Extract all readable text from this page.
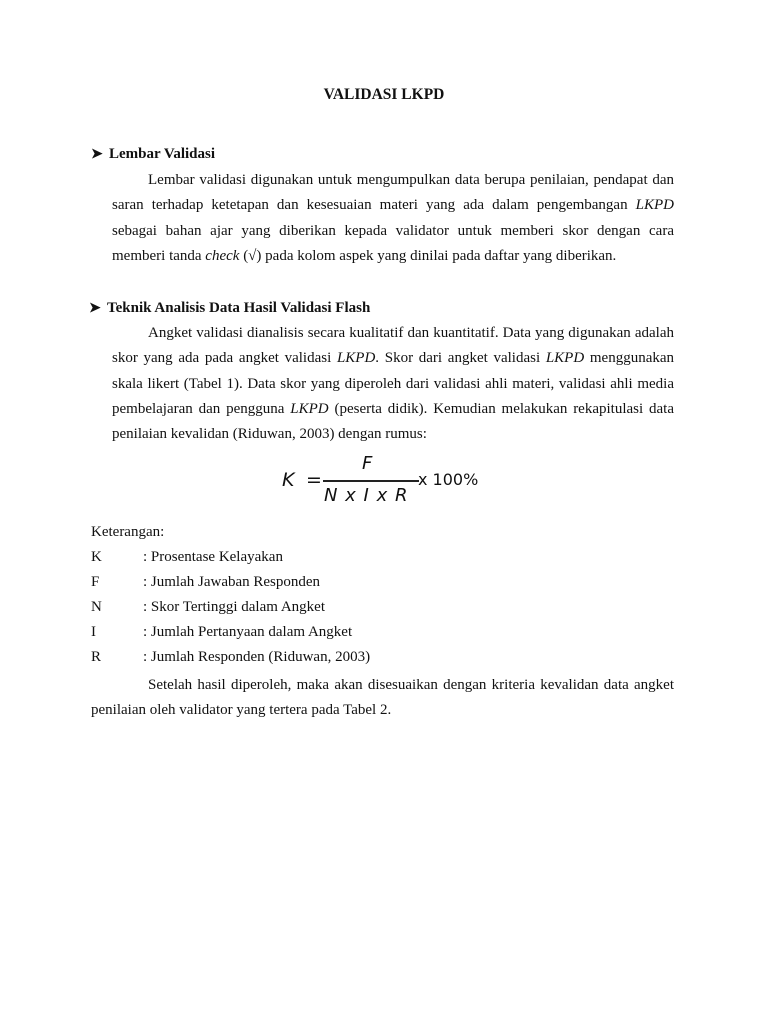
VALIDASI LKPD
➤ Lembar Validasi

Lembar validasi digunakan untuk mengumpulkan data berupa penilaian, pendapat dan saran terhadap ketetapan dan kesesuaian materi yang ada dalam pengembangan LKPD sebagai bahan ajar yang diberikan kepada validator untuk memberi skor dengan cara memberi tanda check (√) pada kolom aspek yang dinilai pada daftar yang diberikan.

➤ Teknik Analisis Data Hasil Validasi Flash

Angket validasi dianalisis secara kualitatif dan kuantitatif. Data yang digunakan adalah skor yang ada pada angket validasi LKPD. Skor dari angket validasi LKPD menggunakan skala likert (Tabel 1). Data skor yang diperoleh dari validasi ahli materi, validasi ahli media pembelajaran dan pengguna LKPD (peserta didik). Kemudian melakukan rekapitulasi data penilaian kevalidan (Riduwan, 2003) dengan rumus:

K =
F
N x I x R
x 100%
Keterangan:
K	: Prosentase Kelayakan
F	: Jumlah Jawaban Responden
N	: Skor Tertinggi dalam Angket
I	: Jumlah Pertanyaan dalam Angket
R	: Jumlah Responden (Riduwan, 2003)

Setelah hasil diperoleh, maka akan disesuaikan dengan kriteria kevalidan data angket penilaian oleh validator yang tertera pada Tabel 2.
